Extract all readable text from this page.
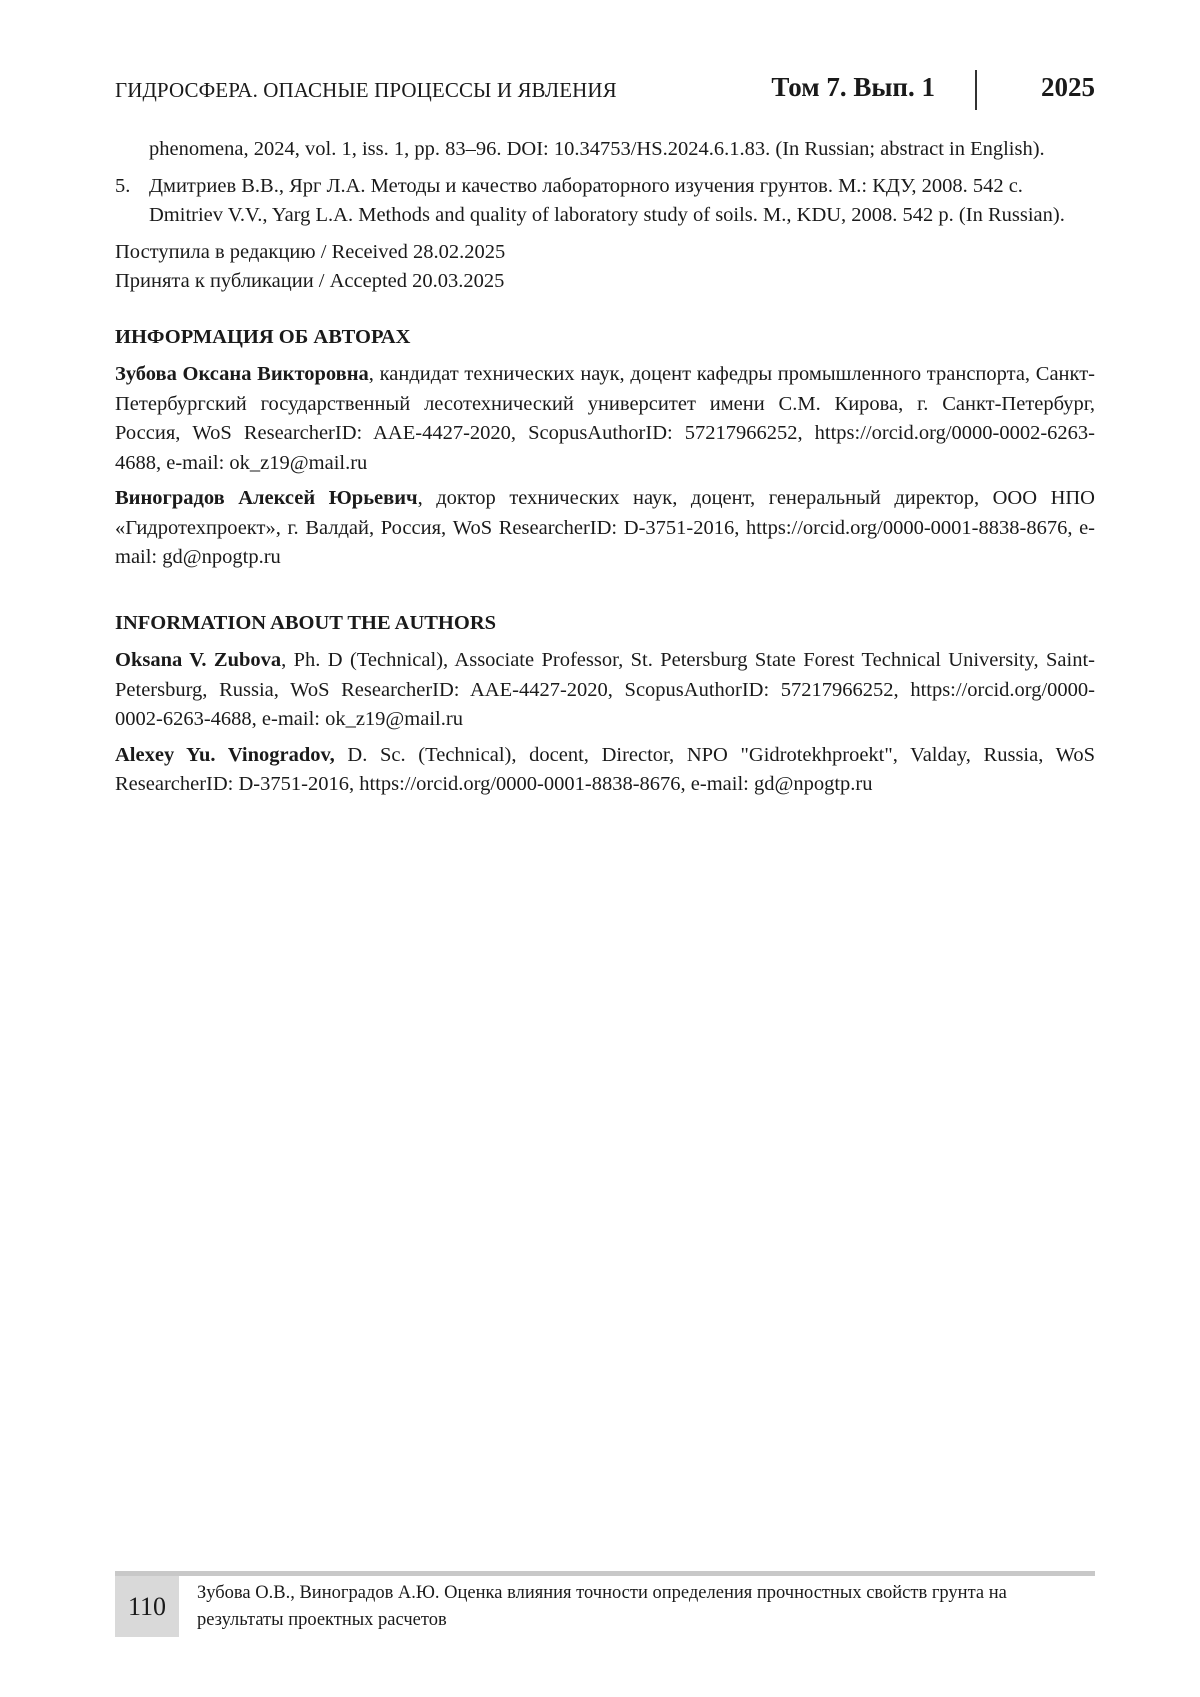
ГИДРОСФЕРА. ОПАСНЫЕ ПРОЦЕССЫ И ЯВЛЕНИЯ	Том 7. Вып. 1	2025

phenomena, 2024, vol. 1, iss. 1, pp. 83–96. DOI: 10.34753/HS.2024.6.1.83. (In Russian; abstract in English).

5. Дмитриев В.В., Ярг Л.А. Методы и качество лабораторного изучения грунтов. М.: КДУ, 2008. 542 с.

Dmitriev V.V., Yarg L.A. Methods and quality of laboratory study of soils. M., KDU, 2008. 542 p. (In Russian).

Поступила в редакцию / Received 28.02.2025

Принята к публикации / Accepted 20.03.2025

ИНФОРМАЦИЯ ОБ АВТОРАХ

Зубова Оксана Викторовна, кандидат технических наук, доцент кафедры промышленного транспорта, Санкт-Петербургский государственный лесотехнический университет имени С.М. Кирова, г. Санкт-Петербург, Россия, WoS ResearcherID: AAE-4427-2020, ScopusAuthorID: 57217966252, https://orcid.org/0000-0002-6263-4688, e-mail: ok_z19@mail.ru

Виноградов Алексей Юрьевич, доктор технических наук, доцент, генеральный директор, ООО НПО «Гидротехпроект», г. Валдай, Россия, WoS ResearcherID: D-3751-2016, https://orcid.org/0000-0001-8838-8676, e-mail: gd@npogtp.ru

INFORMATION ABOUT THE AUTHORS

Oksana V. Zubova, Ph. D (Technical), Associate Professor, St. Petersburg State Forest Technical University, Saint-Petersburg, Russia, WoS ResearcherID: AAE-4427-2020, ScopusAuthorID: 57217966252, https://orcid.org/0000-0002-6263-4688, e-mail: ok_z19@mail.ru

Alexey Yu. Vinogradov, D. Sc. (Technical), docent, Director, NPO "Gidrotekhproekt", Valday, Russia, WoS ResearcherID: D-3751-2016, https://orcid.org/0000-0001-8838-8676, e-mail: gd@npogtp.ru

110	Зубова О.В., Виноградов А.Ю. Оценка влияния точности определения прочностных свойств грунта на результаты проектных расчетов
